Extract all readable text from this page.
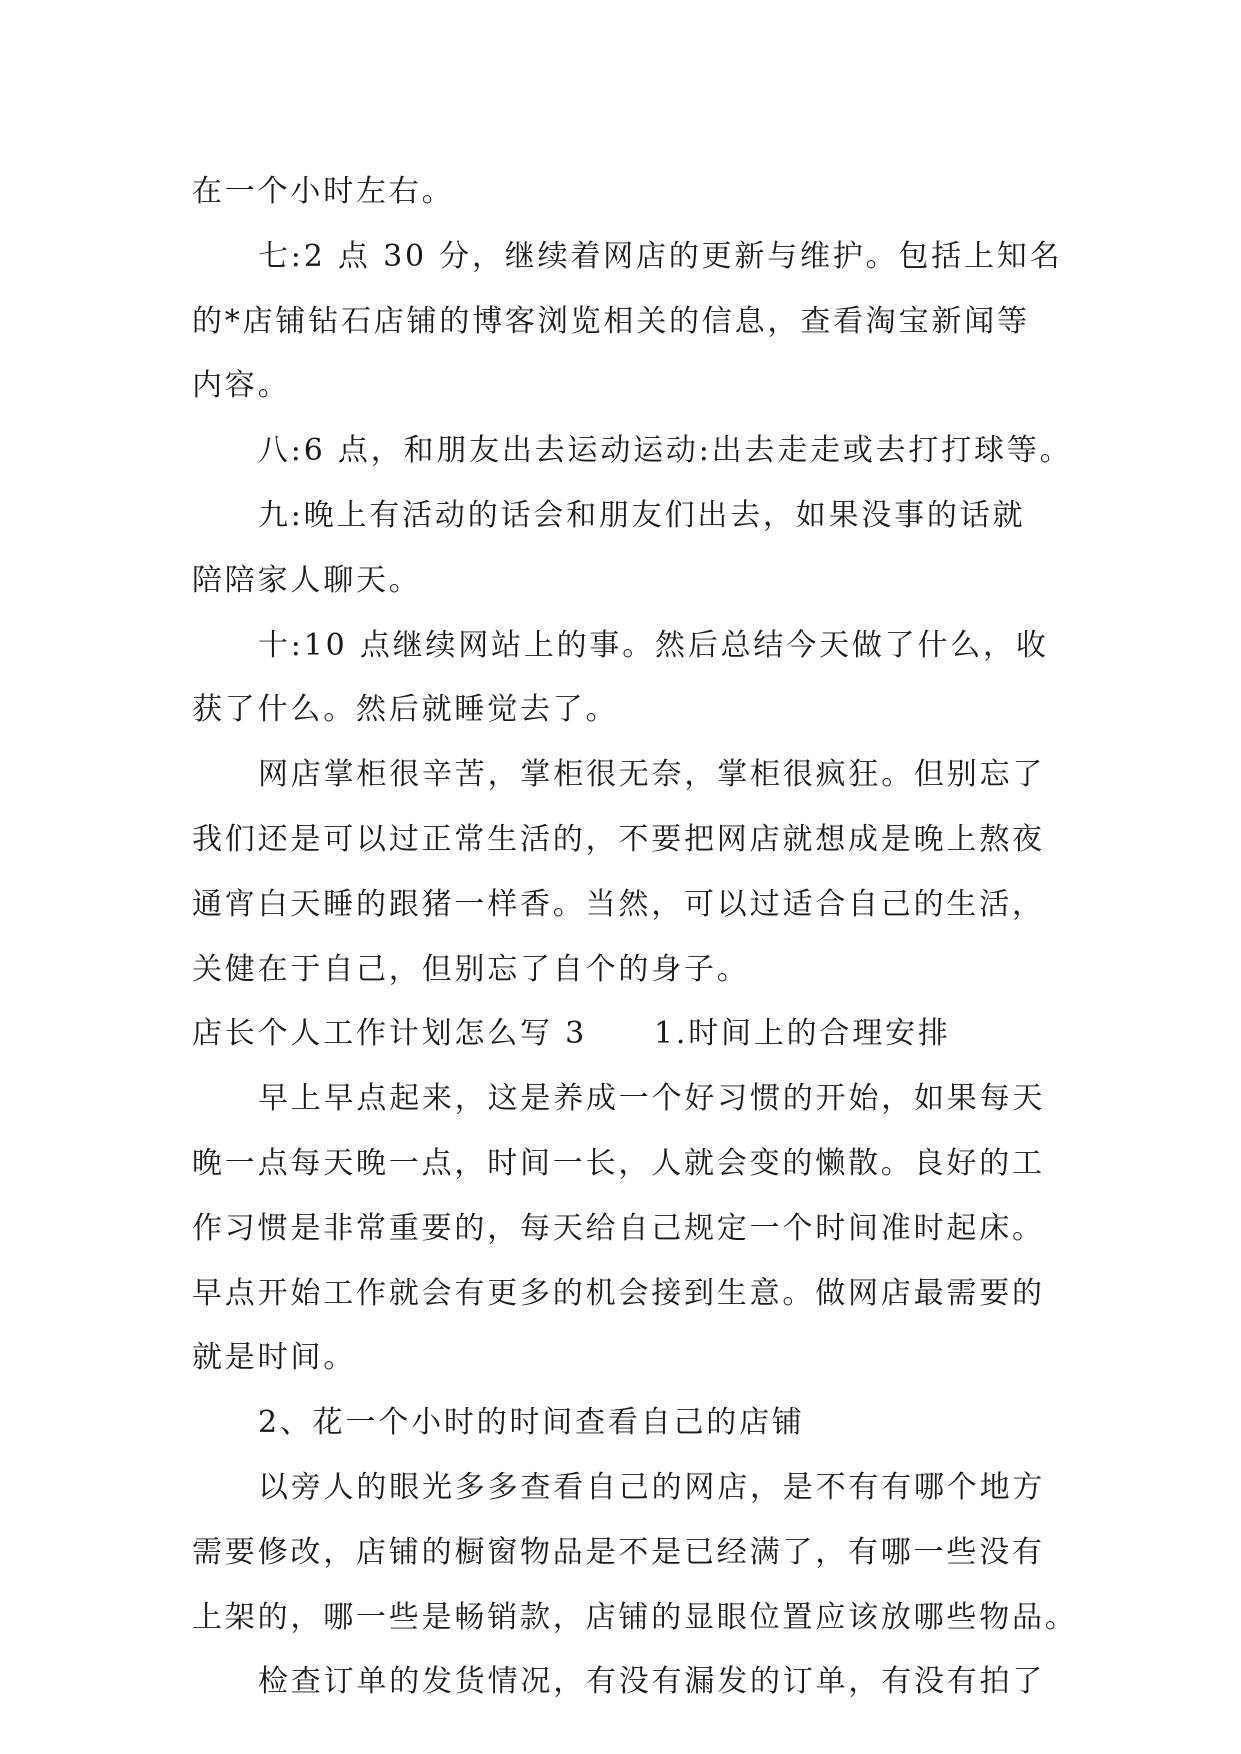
在一个小时左右。
七:2 点 30 分，继续着网店的更新与维护。包括上知名
的*店铺钻石店铺的博客浏览相关的信息，查看淘宝新闻等
内容。
八:6 点，和朋友出去运动运动:出去走走或去打打球等。
九:晚上有活动的话会和朋友们出去，如果没事的话就
陪陪家人聊天。
十:10 点继续网站上的事。然后总结今天做了什么，收
获了什么。然后就睡觉去了。
网店掌柜很辛苦，掌柜很无奈，掌柜很疯狂。但别忘了
我们还是可以过正常生活的，不要把网店就想成是晚上熬夜
通宵白天睡的跟猪一样香。当然，可以过适合自己的生活，
关健在于自己，但别忘了自个的身子。
店长个人工作计划怎么写 3	1.时间上的合理安排
早上早点起来，这是养成一个好习惯的开始，如果每天
晚一点每天晚一点，时间一长，人就会变的懒散。良好的工
作习惯是非常重要的，每天给自己规定一个时间准时起床。
早点开始工作就会有更多的机会接到生意。做网店最需要的
就是时间。
2、花一个小时的时间查看自己的店铺
以旁人的眼光多多查看自己的网店，是不有有哪个地方
需要修改，店铺的橱窗物品是不是已经满了，有哪一些没有
上架的，哪一些是畅销款，店铺的显眼位置应该放哪些物品。
检查订单的发货情况，有没有漏发的订单，有没有拍了
